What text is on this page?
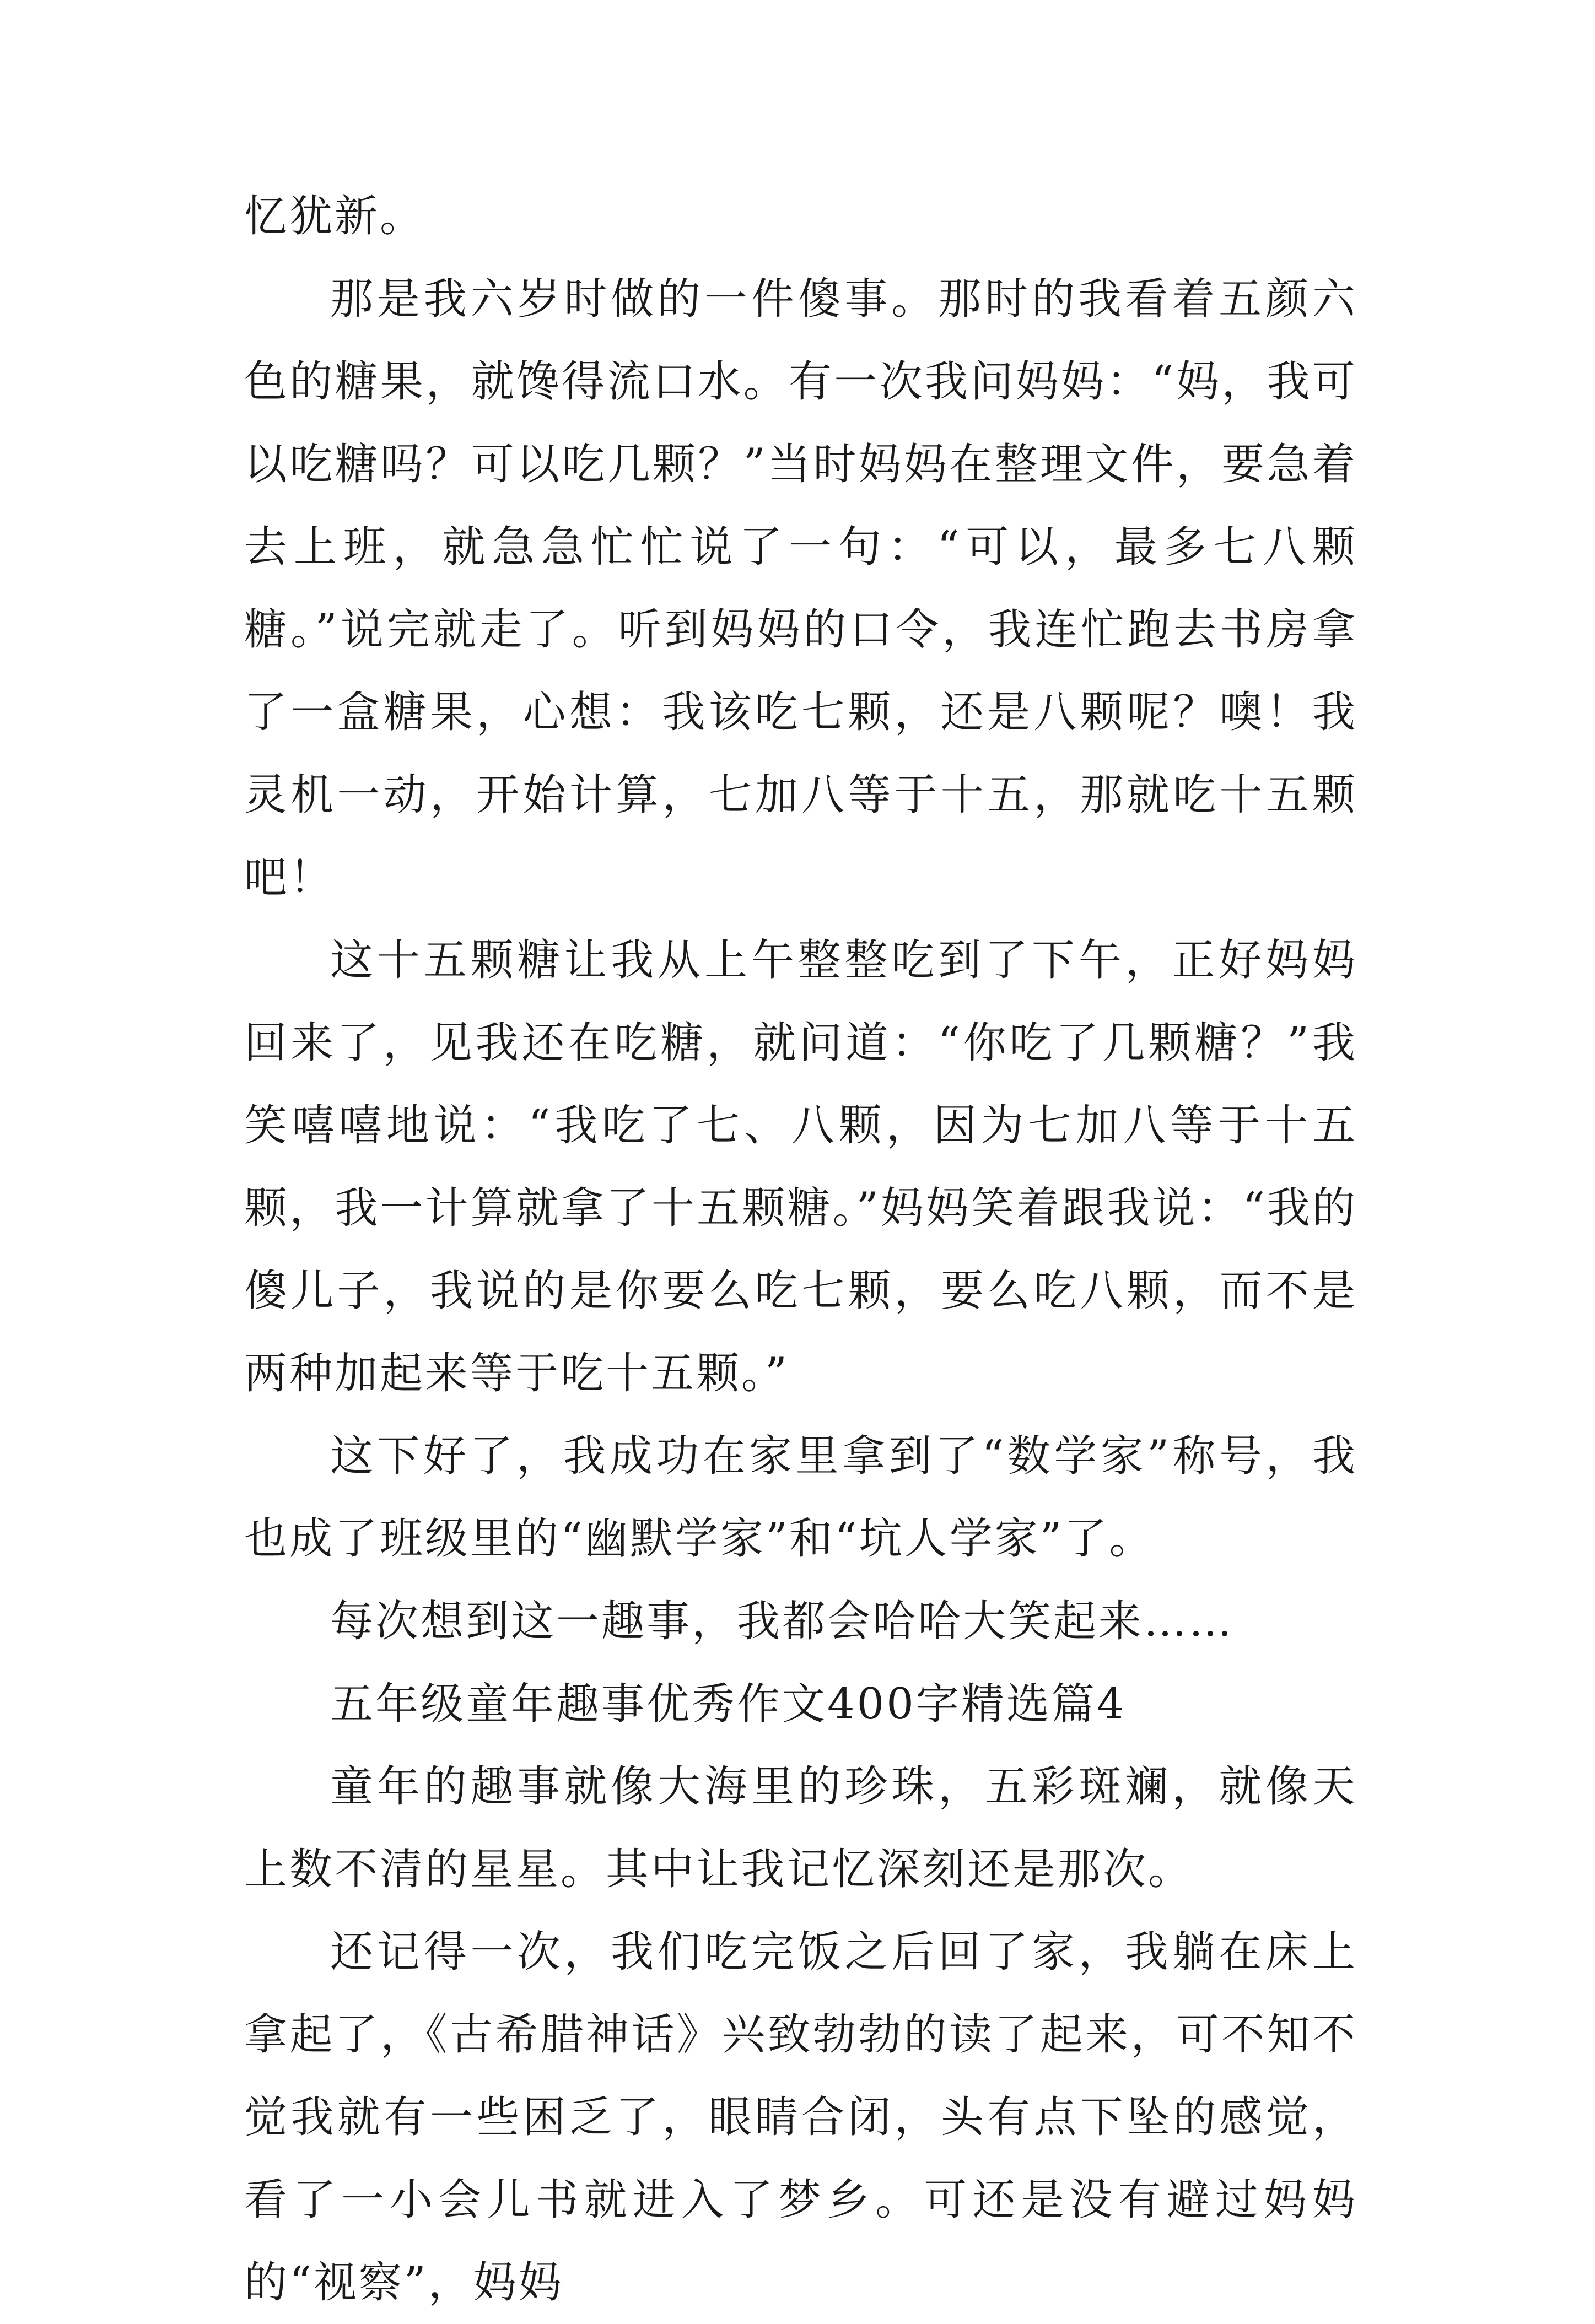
忆犹新。

那是我六岁时做的一件傻事。那时的我看着五颜六色的糖果，就馋得流口水。有一次我问妈妈：“妈，我可以吃糖吗？可以吃几颗？”当时妈妈在整理文件，要急着去上班，就急急忙忙说了一句：“可以，最多七八颗糖。”说完就走了。听到妈妈的口令，我连忙跑去书房拿了一盒糖果，心想：我该吃七颗，还是八颗呢？噢！我灵机一动，开始计算，七加八等于十五，那就吃十五颗吧！

这十五颗糖让我从上午整整吃到了下午，正好妈妈回来了，见我还在吃糖，就问道：“你吃了几颗糖？”我笑嘻嘻地说：“我吃了七、八颗，因为七加八等于十五颗，我一计算就拿了十五颗糖。”妈妈笑着跟我说：“我的傻儿子，我说的是你要么吃七颗，要么吃八颗，而不是两种加起来等于吃十五颗。”

这下好了，我成功在家里拿到了“数学家”称号，我也成了班级里的“幽默学家”和“坑人学家”了。

每次想到这一趣事，我都会哈哈大笑起来……

五年级童年趣事优秀作文400字精选篇4

童年的趣事就像大海里的珍珠，五彩斑斓，就像天上数不清的星星。其中让我记忆深刻还是那次。

还记得一次，我们吃完饭之后回了家，我躺在床上拿起了，《古希腊神话》兴致勃勃的读了起来，可不知不觉我就有一些困乏了，眼睛合闭，头有点下坠的感觉，看了一小会儿书就进入了梦乡。可还是没有避过妈妈的“视察”，妈妈
